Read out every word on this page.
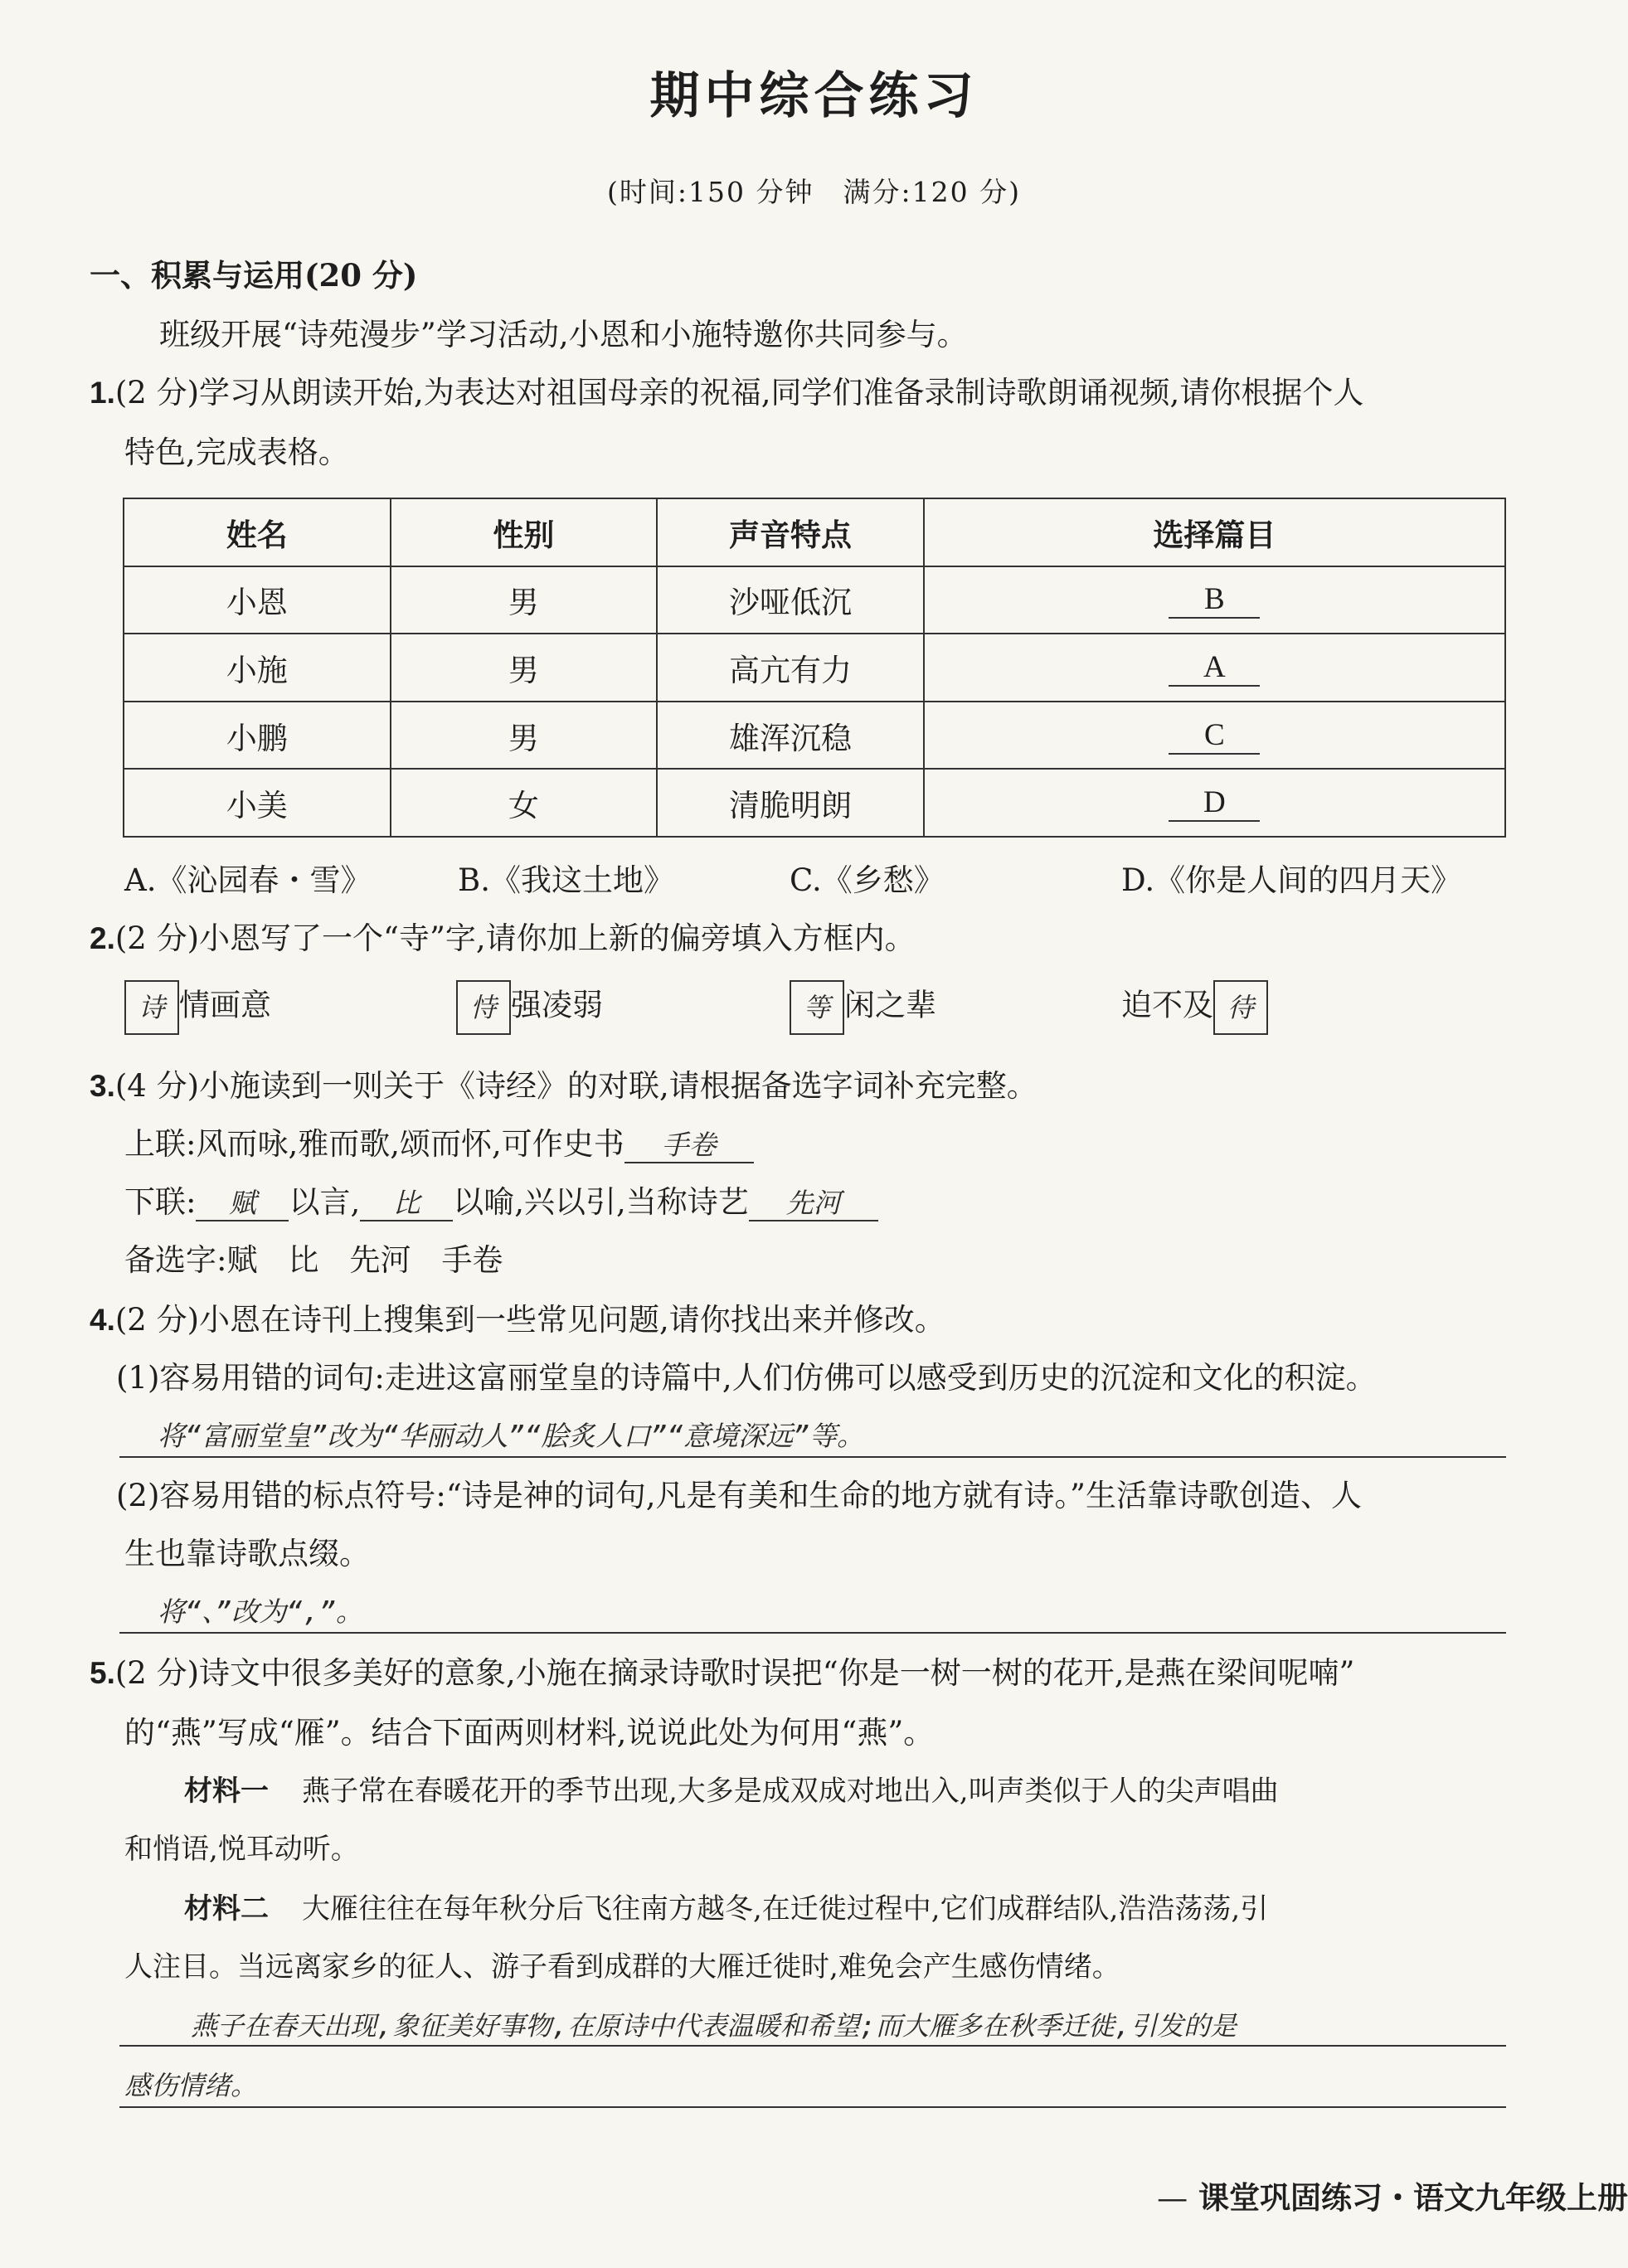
期中综合练习
(时间:150 分钟　满分:120 分)
一、积累与运用(20 分)
班级开展“诗苑漫步”学习活动,小恩和小施特邀你共同参与。
1.(2 分)学习从朗读开始,为表达对祖国母亲的祝福,同学们准备录制诗歌朗诵视频,请你根据个人
特色,完成表格。
姓名	性别	声音特点	选择篇目
小恩	男	沙哑低沉	B
小施	男	高亢有力	A
小鹏	男	雄浑沉稳	C
小美	女	清脆明朗	D
A.《沁园春・雪》	B.《我这土地》	C.《乡愁》	D.《你是人间的四月天》
2.(2 分)小恩写了一个“寺”字,请你加上新的偏旁填入方框内。
诗 情画意	恃 强凌弱	等 闲之辈	迫不及 待
3.(4 分)小施读到一则关于《诗经》的对联,请根据备选字词补充完整。
上联:风而咏,雅而歌,颂而怀,可作史书 手卷
下联: 赋 以言, 比 以喻,兴以引,当称诗艺 先河
备选字:赋　比　先河　手卷
4.(2 分)小恩在诗刊上搜集到一些常见问题,请你找出来并修改。
(1)容易用错的词句:走进这富丽堂皇的诗篇中,人们仿佛可以感受到历史的沉淀和文化的积淀。
将“富丽堂皇”改为“华丽动人”“脍炙人口”“意境深远”等。
(2)容易用错的标点符号:“诗是神的词句,凡是有美和生命的地方就有诗。”生活靠诗歌创造、人
生也靠诗歌点缀。
将“、”改为“,”。
5.(2 分)诗文中很多美好的意象,小施在摘录诗歌时误把“你是一树一树的花开,是燕在梁间呢喃”
的“燕”写成“雁”。结合下面两则材料,说说此处为何用“燕”。
材料一 燕子常在春暖花开的季节出现,大多是成双成对地出入,叫声类似于人的尖声唱曲
和悄语,悦耳动听。
材料二 大雁往往在每年秋分后飞往南方越冬,在迁徙过程中,它们成群结队,浩浩荡荡,引
人注目。当远离家乡的征人、游子看到成群的大雁迁徙时,难免会产生感伤情绪。
燕子在春天出现,象征美好事物,在原诗中代表温暖和希望;而大雁多在秋季迁徙,引发的是
感伤情绪。
— 课堂巩固练习・语文九年级上册
